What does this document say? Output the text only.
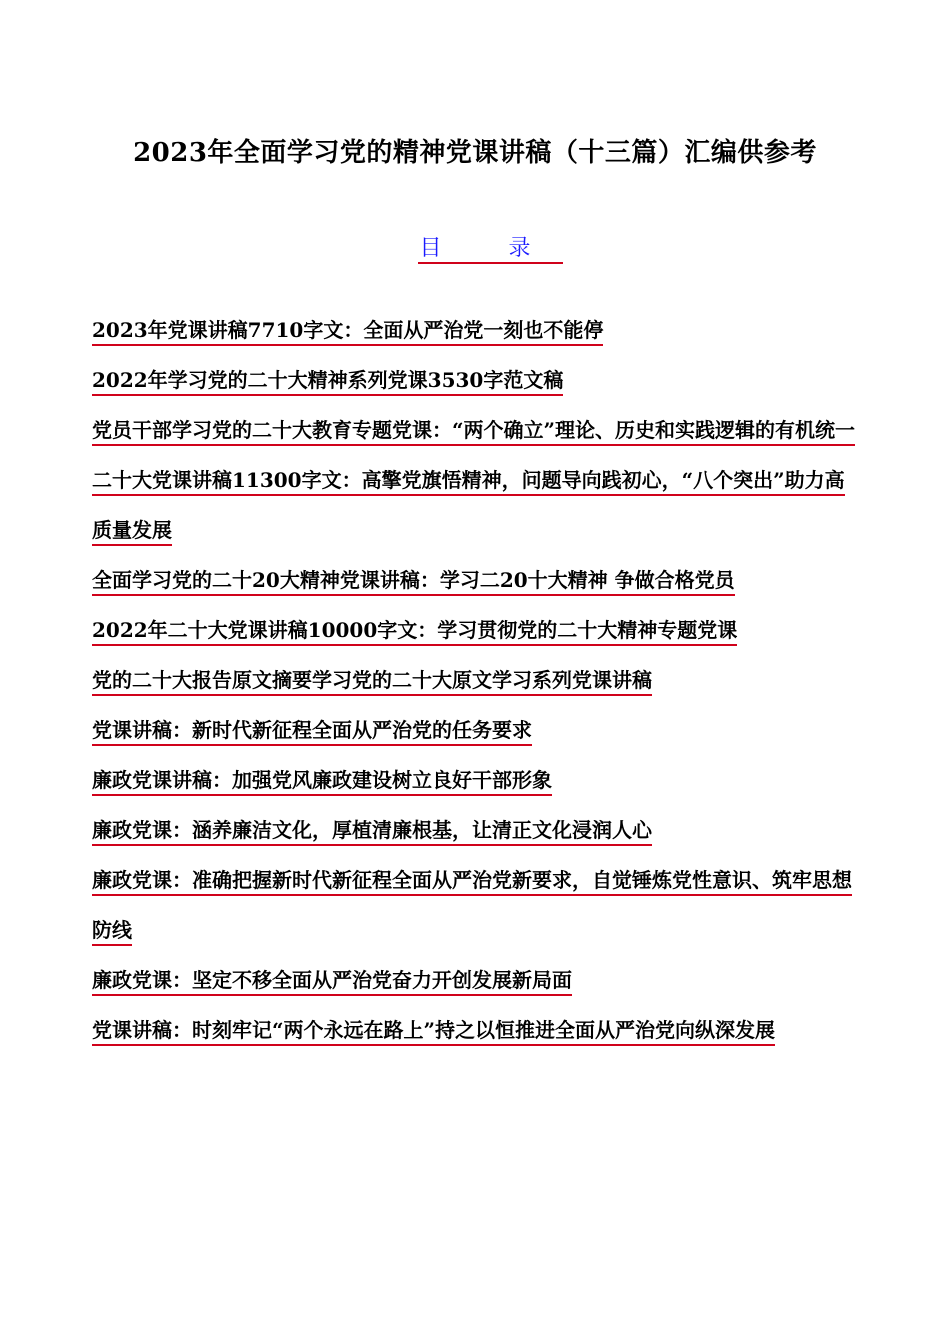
2023年全面学习党的精神党课讲稿（十三篇）汇编供参考
目 录
2023年党课讲稿7710字文：全面从严治党一刻也不能停
2022年学习党的二十大精神系列党课3530字范文稿
党员干部学习党的二十大教育专题党课：“两个确立”理论、历史和实践逻辑的有机统一
二十大党课讲稿11300字文：高擎党旗悟精神，问题导向践初心，“八个突出”助力高质量发展
全面学习党的二十20大精神党课讲稿：学习二20十大精神 争做合格党员
2022年二十大党课讲稿10000字文：学习贯彻党的二十大精神专题党课
党的二十大报告原文摘要学习党的二十大原文学习系列党课讲稿
党课讲稿：新时代新征程全面从严治党的任务要求
廉政党课讲稿：加强党风廉政建设树立良好干部形象
廉政党课：涵养廉洁文化，厚植清廉根基，让清正文化浸润人心
廉政党课：准确把握新时代新征程全面从严治党新要求，自觉锤炼党性意识、筑牢思想防线
廉政党课：坚定不移全面从严治党奋力开创发展新局面
党课讲稿：时刻牢记“两个永远在路上”持之以恒推进全面从严治党向纵深发展
